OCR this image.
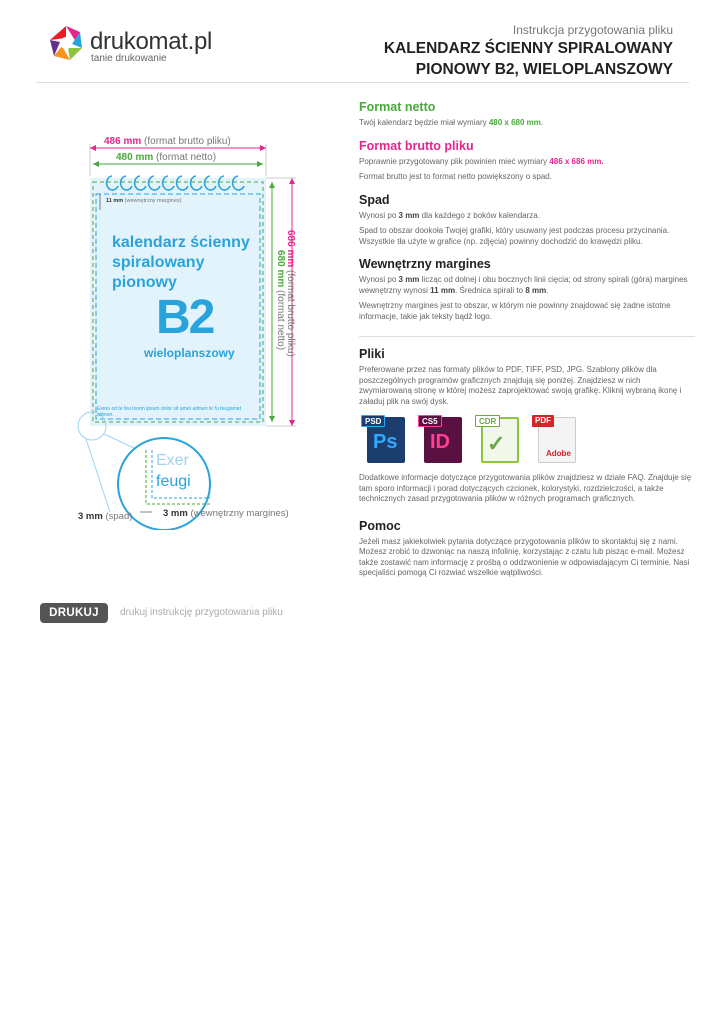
drukomat.pl
tanie drukowanie
Instrukcja przygotowania pliku
KALENDARZ ŚCIENNY SPIRALOWANY
PIONOWY B2, WIELOPLANSZOWY
486 mm (format brutto pliku)
480 mm (format netto)
11 mm (wewnętrzny margines)
686 mm (format brutto pliku)
680 mm (format netto)
kalendarz ścienny
spiralowany
pionowy
B2
wieloplanszowy
Exeru od te feu lorem ipsum dolor sit amet admen te fu feugamet admen.
Exer
feugi
3 mm (spad)	3 mm (wewnętrzny margines)
DRUKUJ	drukuj instrukcję przygotowania pliku
Format netto

Twój kalendarz będzie miał wymiary 480 x 680 mm.

Format brutto pliku

Poprawnie przygotowany plik powinien mieć wymiary 486 x 686 mm.

Format brutto jest to format netto powiększony o spad.

Spad

Wynosi po 3 mm dla każdego z boków kalendarza.

Spad to obszar dookoła Twojej grafiki, który usuwany jest podczas procesu przycinania. Wszystkie tła użyte w grafice (np. zdjęcia) powinny dochodzić do krawędzi pliku.

Wewnętrzny margines

Wynosi po 3 mm licząc od dolnej i obu bocznych linii cięcia; od strony spirali (góra) margines wewnętrzny wynosi 11 mm. Średnica spirali to 8 mm.

Wewnętrzny margines jest to obszar, w którym nie powinny znajdować się żadne istotne informacje, takie jak teksty bądź logo.

Pliki

Preferowane przez nas formaty plików to PDF, TIFF, PSD, JPG. Szablony plików dla poszczególnych programów graficznych znajdują się poniżej. Znajdziesz w nich zwymiarowaną stronę w której możesz zaprojektować swoją grafikę. Kliknij wybraną ikonę i załaduj plik na swój dysk.

PSD
Ps
CS5
ID
CDR
✓
PDF
Adobe

Dodatkowe informacje dotyczące przygotowania plików znajdziesz w dziale FAQ. Znajduje się tam sporo informacji i porad dotyczących czcionek, kolorystyki, rozdzielczości, a także technicznych zasad przygotowania plików w różnych programach graficznych.

Pomoc

Jeżeli masz jakiekolwiek pytania dotyczące przygotowania plików to skontaktuj się z nami. Możesz zrobić to dzwoniąc na naszą infolinię, korzystając z czatu lub pisząc e-mail. Możesz także zostawić nam informację z prośbą o oddzwonienie w odpowiadającym Ci terminie. Nasi specjaliści pomogą Ci rozwiać wszelkie wątpliwości.
